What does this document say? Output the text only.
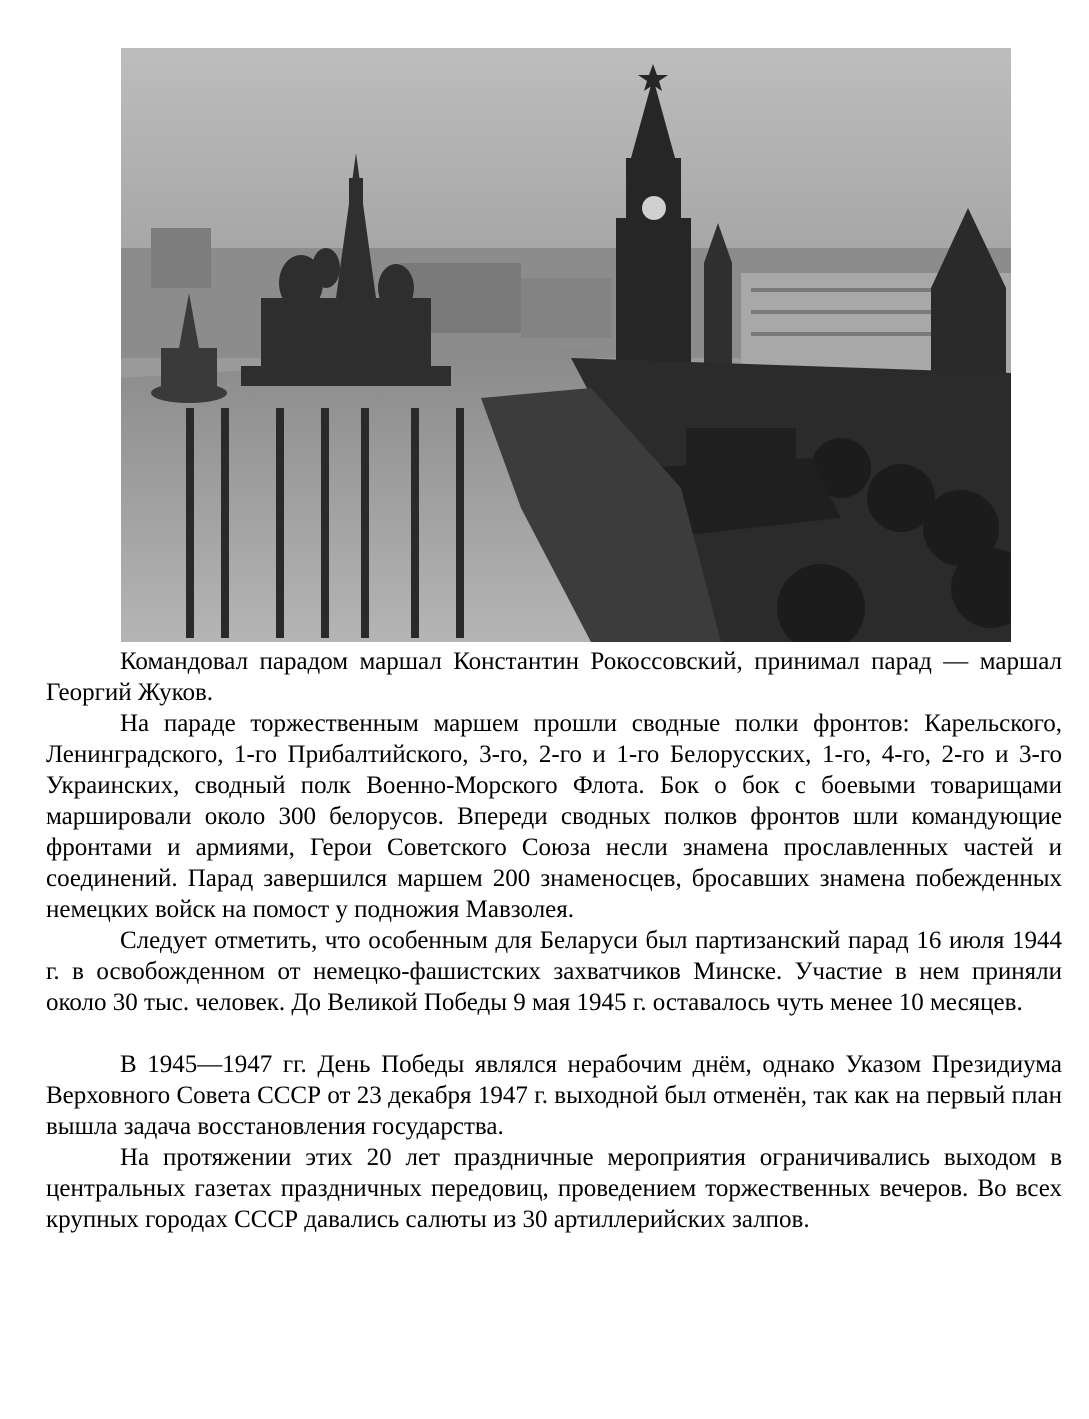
Командовал парадом маршал Константин Рокоссовский, принимал парад — маршал Георгий Жуков.

На параде торжественным маршем прошли сводные полки фронтов: Карельского, Ленинградского, 1-го Прибалтийского, 3-го, 2-го и 1-го Белорусских, 1-го, 4-го, 2-го и 3-го Украинских, сводный полк Военно-Морского Флота. Бок о бок с боевыми товарищами маршировали около 300 белорусов. Впереди сводных полков фронтов шли командующие фронтами и армиями, Герои Советского Союза несли знамена прославленных частей и соединений. Парад завершился маршем 200 знаменосцев, бросавших знамена побежденных немецких войск на помост у подножия Мавзолея.

Следует отметить, что особенным для Беларуси был партизанский парад 16 июля 1944 г. в освобожденном от немецко-фашистских захватчиков Минске. Участие в нем приняли около 30 тыс. человек. До Великой Победы 9 мая 1945 г. оставалось чуть менее 10 месяцев.

В 1945—1947 гг. День Победы являлся нерабочим днём, однако Указом Президиума Верховного Совета СССР от 23 декабря 1947 г. выходной был отменён, так как на первый план вышла задача восстановления государства.

На протяжении этих 20 лет праздничные мероприятия ограничивались выходом в центральных газетах праздничных передовиц, проведением торжественных вечеров. Во всех крупных городах СССР давались салюты из 30 артиллерийских залпов.
